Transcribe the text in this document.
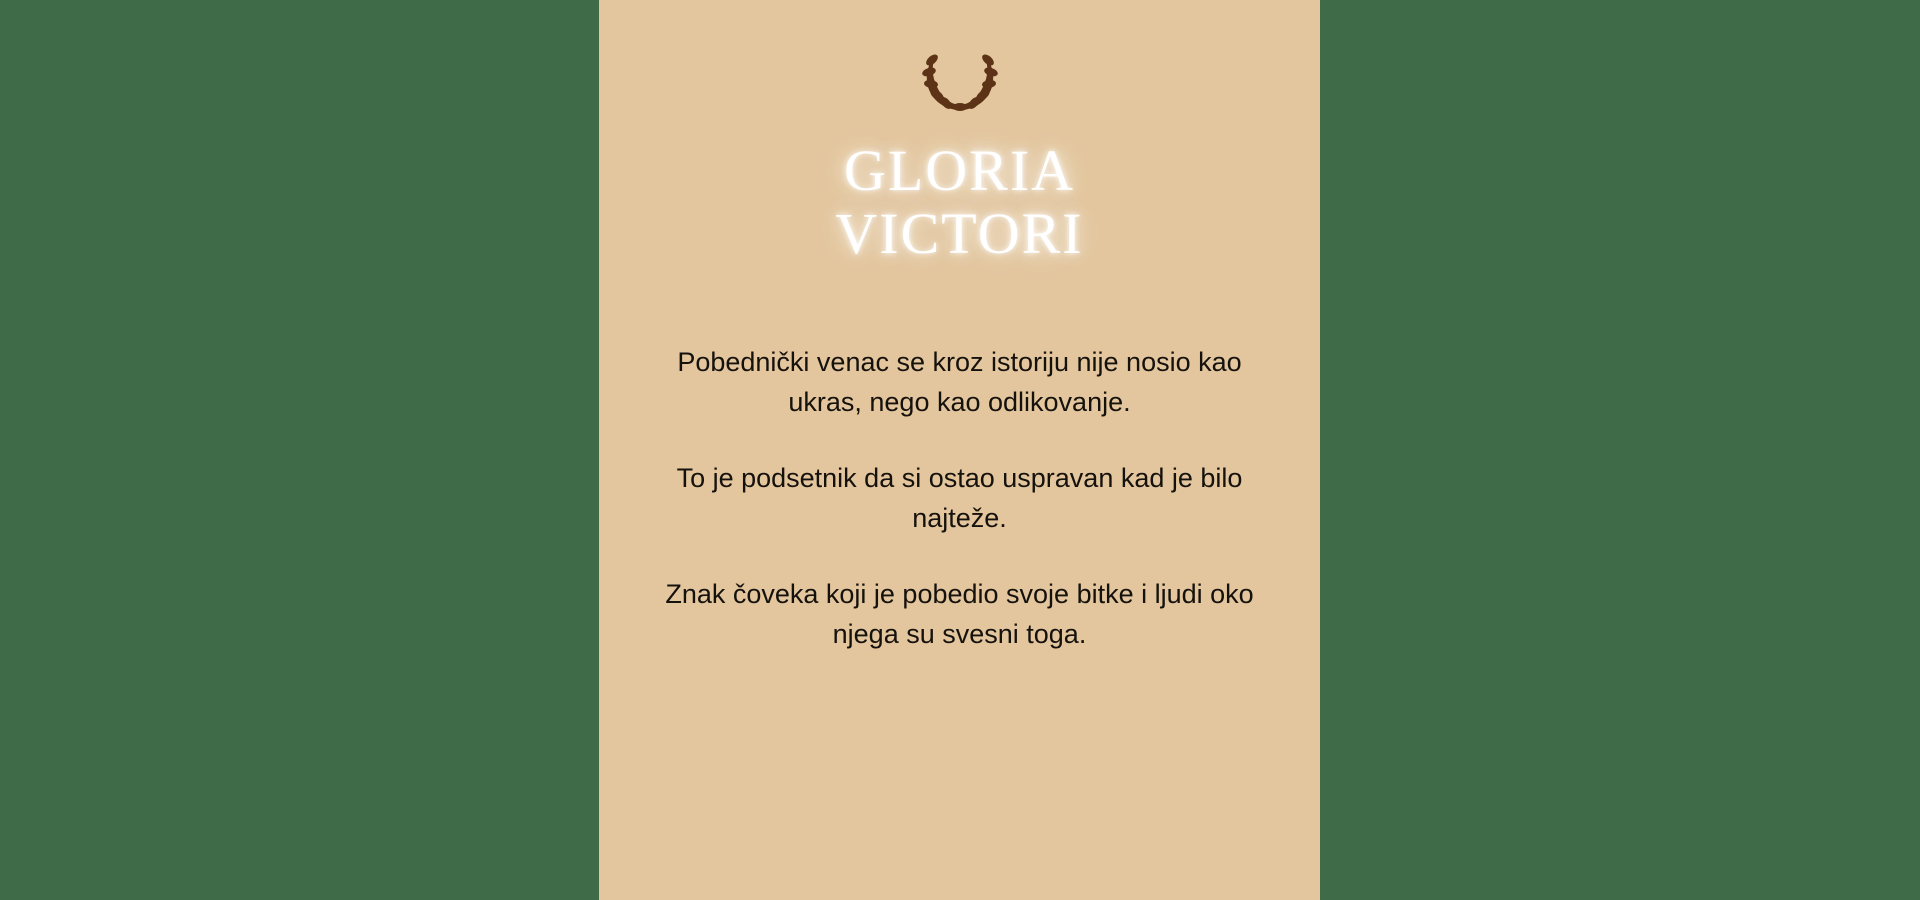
GLORIA
VICTORI

Pobednički venac se kroz istoriju nije nosio kao ukras, nego kao odlikovanje.

To je podsetnik da si ostao uspravan kad je bilo najteže.

Znak čoveka koji je pobedio svoje bitke i ljudi oko njega su svesni toga.
